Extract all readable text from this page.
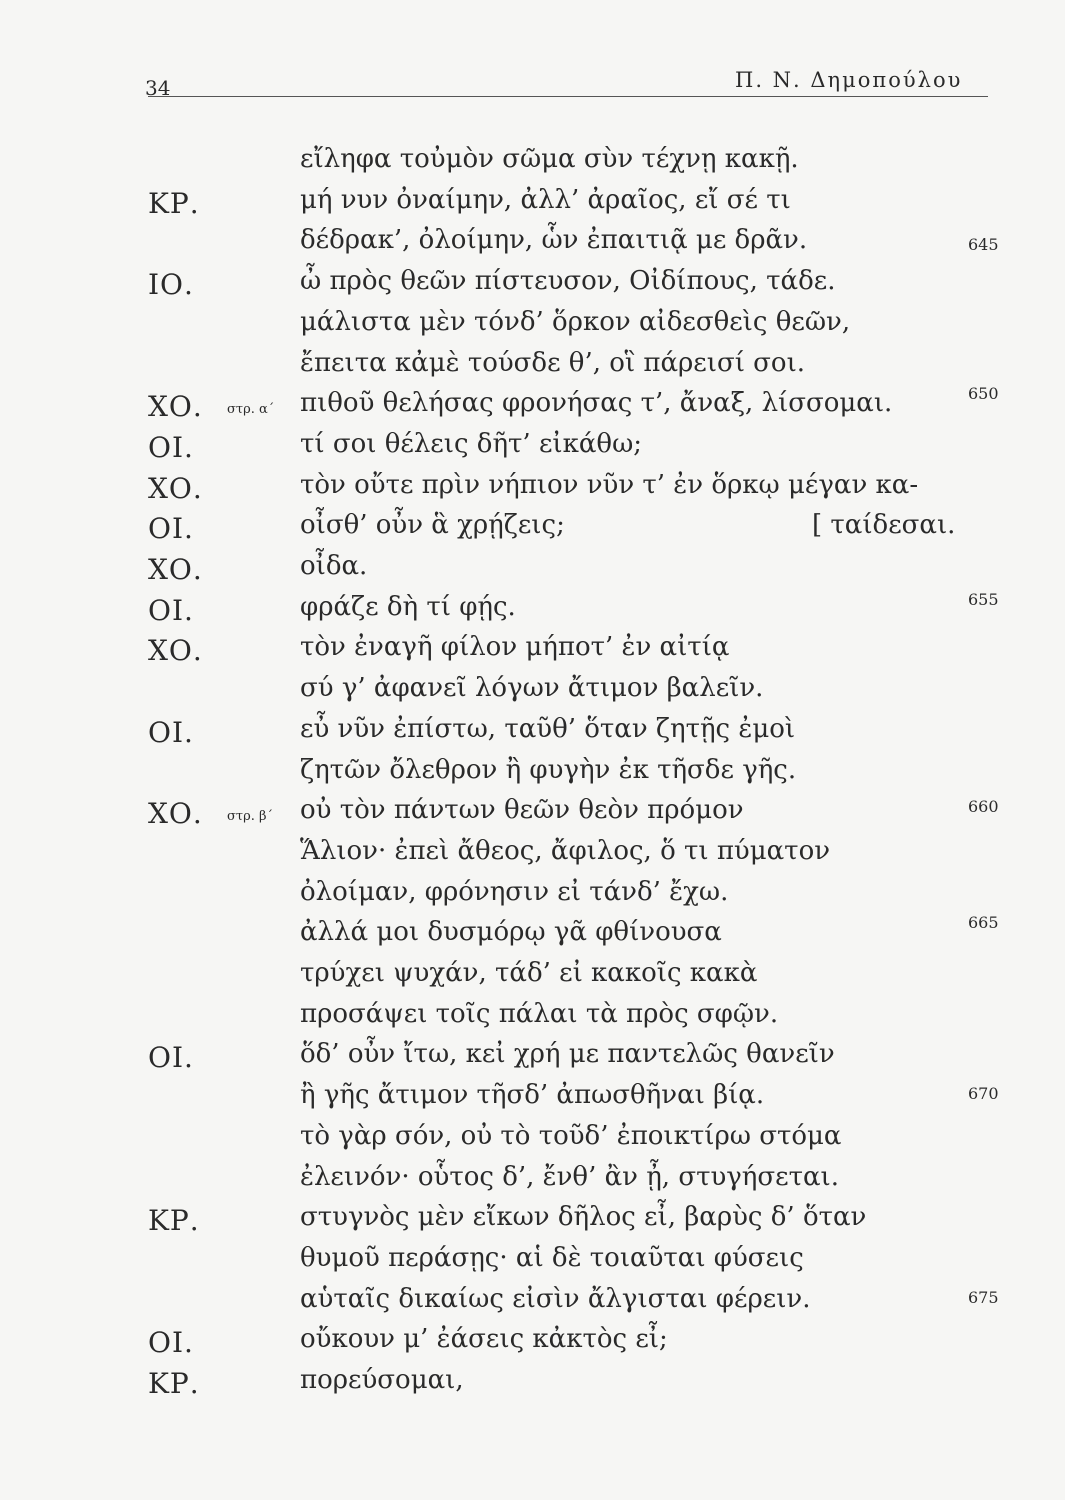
34	Π. Ν. Δημοπούλου
εἴληφα τοὐμὸν σῶμα σὺν τέχνῃ κακῇ.
ΚΡ.	μή νυν ὀναίμην, ἀλλ’ ἀραῖος, εἴ σέ τι
δέδρακ’, ὀλοίμην, ὧν ἐπαιτιᾷ με δρᾶν.	645
ΙΟ.	ὦ πρὸς θεῶν πίστευσον, Οἰδίπους, τάδε.
μάλιστα μὲν τόνδ’ ὅρκον αἰδεσθεὶς θεῶν,
ἔπειτα κἀμὲ τούσδε θ’, οἳ πάρεισί σοι.
ΧΟ. στρ. α΄ πιθοῦ θελήσας φρονήσας τ’, ἄναξ, λίσσομαι.	650
ΟΙ.	τί σοι θέλεις δῆτ’ εἰκάθω;
ΧΟ.	τὸν οὔτε πρὶν νήπιον νῦν τ’ ἐν ὅρκῳ μέγαν κα-
ΟΙ.	οἶσθ’ οὖν ἃ χρῄζεις;	[ ταίδεσαι.
ΧΟ.	οἶδα.
ΟΙ.	φράζε δὴ τί φῄς.	655
ΧΟ.	τὸν ἐναγῆ φίλον μήποτ’ ἐν αἰτίᾳ
σύ γ’ ἀφανεῖ λόγων ἄτιμον βαλεῖν.
ΟΙ.	εὖ νῦν ἐπίστω, ταῦθ’ ὅταν ζητῇς ἐμοὶ
ζητῶν ὄλεθρον ἢ φυγὴν ἐκ τῆσδε γῆς.
ΧΟ. στρ. β΄ οὐ τὸν πάντων θεῶν θεὸν πρόμον	660
Ἅλιον· ἐπεὶ ἄθεος, ἄφιλος, ὅ τι πύματον
ὀλοίμαν, φρόνησιν εἰ τάνδ’ ἔχω.
ἀλλά μοι δυσμόρῳ γᾶ φθίνουσα	665
τρύχει ψυχάν, τάδ’ εἰ κακοῖς κακὰ
προσάψει τοῖς πάλαι τὰ πρὸς σφῷν.
ΟΙ.	ὅδ’ οὖν ἴτω, κεἰ χρή με παντελῶς θανεῖν
ἢ γῆς ἄτιμον τῆσδ’ ἀπωσθῆναι βίᾳ.	670
τὸ γὰρ σόν, οὐ τὸ τοῦδ’ ἐποικτίρω στόμα
ἐλεινόν· οὗτος δ’, ἔνθ’ ἂν ᾖ, στυγήσεται.
ΚΡ.	στυγνὸς μὲν εἴκων δῆλος εἶ, βαρὺς δ’ ὅταν
θυμοῦ περάσῃς· αἱ δὲ τοιαῦται φύσεις
αὑταῖς δικαίως εἰσὶν ἄλγισται φέρειν.	675
ΟΙ.	οὔκουν μ’ ἐάσεις κἀκτὸς εἶ;
ΚΡ.	πορεύσομαι,
